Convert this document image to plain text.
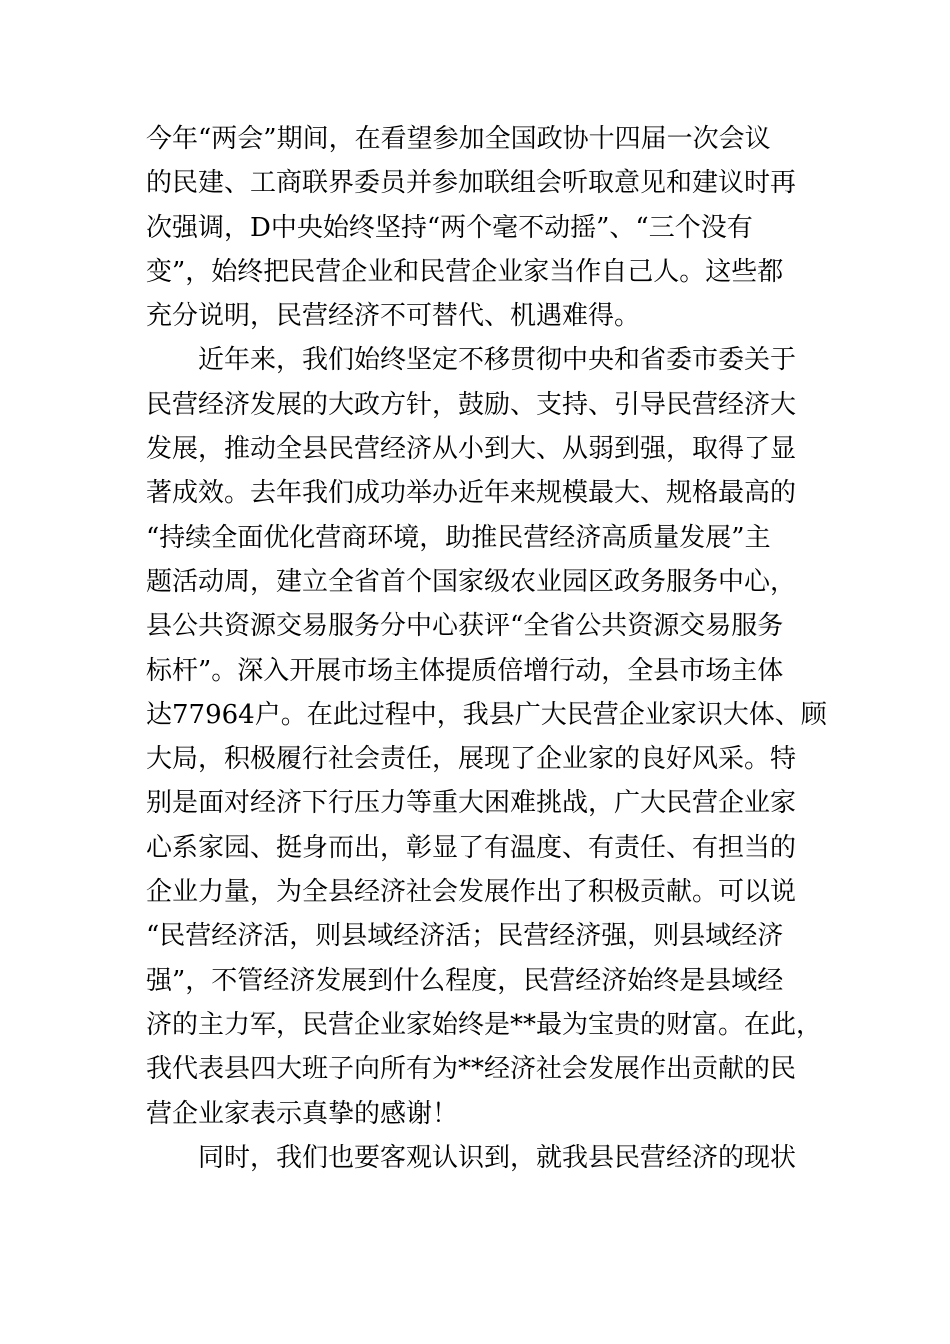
今年“两会”期间，在看望参加全国政协十四届一次会议
的民建、工商联界委员并参加联组会听取意见和建议时再
次强调，D中央始终坚持“两个毫不动摇”、“三个没有
变”，始终把民营企业和民营企业家当作自己人。这些都
充分说明，民营经济不可替代、机遇难得。
近年来，我们始终坚定不移贯彻中央和省委市委关于
民营经济发展的大政方针，鼓励、支持、引导民营经济大
发展，推动全县民营经济从小到大、从弱到强，取得了显
著成效。去年我们成功举办近年来规模最大、规格最高的
“持续全面优化营商环境，助推民营经济高质量发展”主
题活动周，建立全省首个国家级农业园区政务服务中心，
县公共资源交易服务分中心获评“全省公共资源交易服务
标杆”。深入开展市场主体提质倍增行动，全县市场主体
达77964户。在此过程中，我县广大民营企业家识大体、顾
大局，积极履行社会责任，展现了企业家的良好风采。特
别是面对经济下行压力等重大困难挑战，广大民营企业家
心系家园、挺身而出，彰显了有温度、有责任、有担当的
企业力量，为全县经济社会发展作出了积极贡献。可以说
“民营经济活，则县域经济活；民营经济强，则县域经济
强”，不管经济发展到什么程度，民营经济始终是县域经
济的主力军，民营企业家始终是**最为宝贵的财富。在此，
我代表县四大班子向所有为**经济社会发展作出贡献的民
营企业家表示真挚的感谢！
同时，我们也要客观认识到，就我县民营经济的现状
